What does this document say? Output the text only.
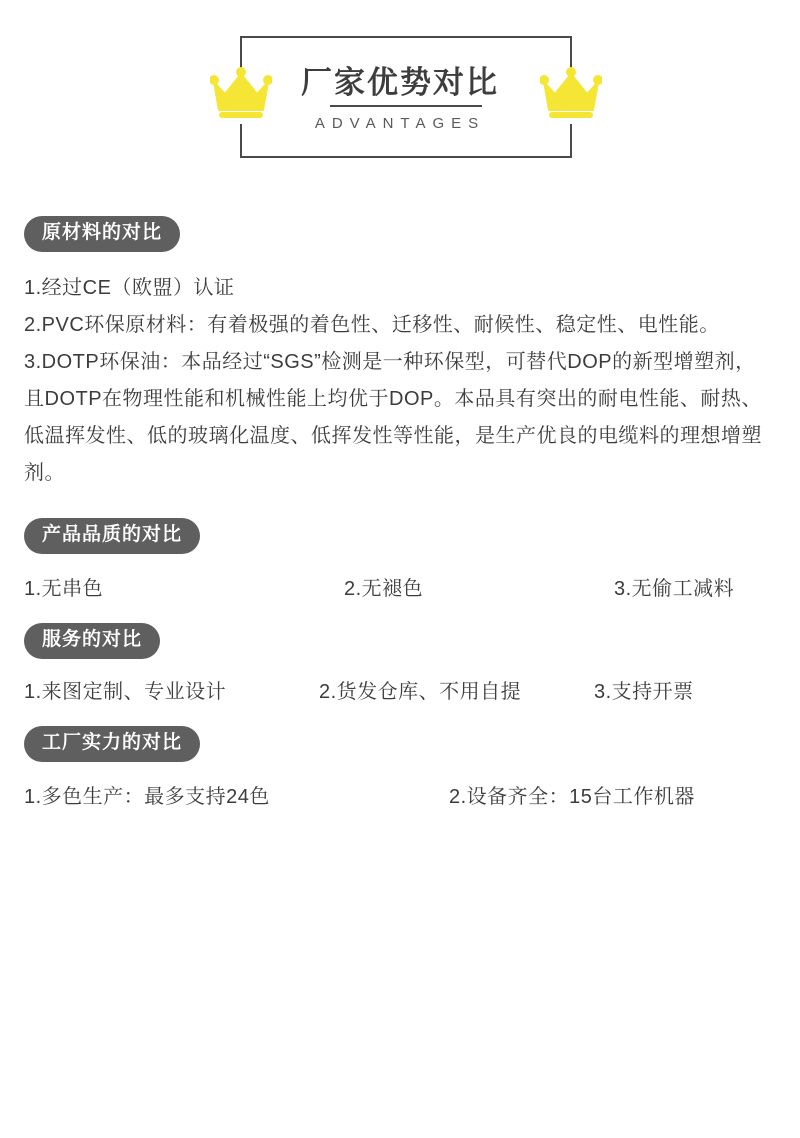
厂家优势对比
ADVANTAGES
原材料的对比

1.经过CE（欧盟）认证

2.PVC环保原材料：有着极强的着色性、迁移性、耐候性、稳定性、电性能。

3.DOTP环保油：本品经过“SGS”检测是一种环保型，可替代DOP的新型增塑剂，且DOTP在物理性能和机械性能上均优于DOP。本品具有突出的耐电性能、耐热、低温挥发性、低的玻璃化温度、低挥发性等性能，是生产优良的电缆料的理想增塑剂。

产品品质的对比
1.无串色	2.无褪色	3.无偷工减料
服务的对比
1.来图定制、专业设计	2.货发仓库、不用自提	3.支持开票
工厂实力的对比
1.多色生产：最多支持24色	2.设备齐全：15台工作机器
